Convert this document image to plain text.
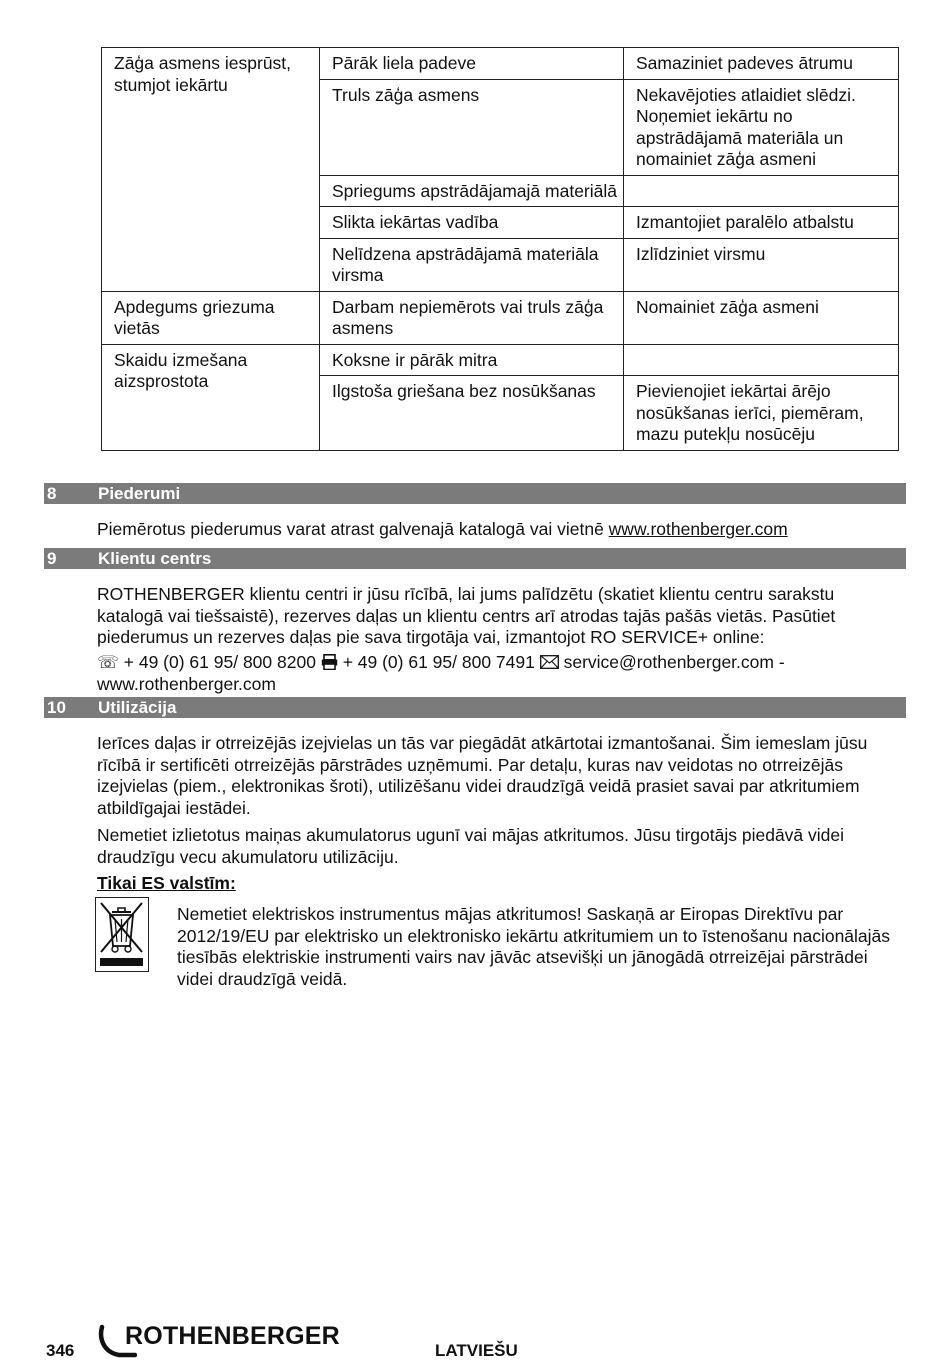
Zāģa asmens iesprūst, stumjot iekārtu	Pārāk liela padeve	Samaziniet padeves ātrumu
	Truls zāģa asmens	Nekavējoties atlaidiet slēdzi. Noņemiet iekārtu no apstrādājamā materiāla un nomainiet zāģa asmeni
	Spriegums apstrādājamajā materiālā	
	Slikta iekārtas vadība	Izmantojiet paralēlo atbalstu
	Nelīdzena apstrādājamā materiāla virsma	Izlīdziniet virsmu
Apdegums griezuma vietās	Darbam nepiemērots vai truls zāģa asmens	Nomainiet zāģa asmeni
Skaidu izmešana aizsprostota	Koksne ir pārāk mitra	
	Ilgstoša griešana bez nosūkšanas	Pievienojiet iekārtai ārējo nosūkšanas ierīci, piemēram, mazu putekļu nosūcēju
8 Piederumi
Piemērotus piederumus varat atrast galvenajā katalogā vai vietnē www.rothenberger.com
9 Klientu centrs
ROTHENBERGER klientu centri ir jūsu rīcībā, lai jums palīdzētu (skatiet klientu centru sarakstu katalogā vai tiešsaistē), rezerves daļas un klientu centrs arī atrodas tajās pašās vietās. Pasūtiet piederumus un rezerves daļas pie sava tirgotāja vai, izmantojot RO SERVICE+ online:
☏ + 49 (0) 61 95/ 800 8200 + 49 (0) 61 95/ 800 7491 service@rothenberger.com -
www.rothenberger.com
10 Utilizācija
Ierīces daļas ir otrreizējās izejvielas un tās var piegādāt atkārtotai izmantošanai. Šim iemeslam jūsu rīcībā ir sertificēti otrreizējās pārstrādes uzņēmumi. Par detaļu, kuras nav veidotas no otrreizējās izejvielas (piem., elektronikas šroti), utilizēšanu videi draudzīgā veidā prasiet savai par atkritumiem atbildīgajai iestādei.
Nemetiet izlietotus maiņas akumulatorus ugunī vai mājas atkritumos. Jūsu tirgotājs piedāvā videi draudzīgu vecu akumulatoru utilizāciju.
Tikai ES valstīm:
Nemetiet elektriskos instrumentus mājas atkritumos! Saskaņā ar Eiropas Direktīvu par 2012/19/EU par elektrisko un elektronisko iekārtu atkritumiem un to īstenošanu nacionālajās tiesībās elektriskie instrumenti vairs nav jāvāc atsevišķi un jānogādā otrreizējai pārstrādei videi draudzīgā veidā.
346
ROTHENBERGER
LATVIEŠU
